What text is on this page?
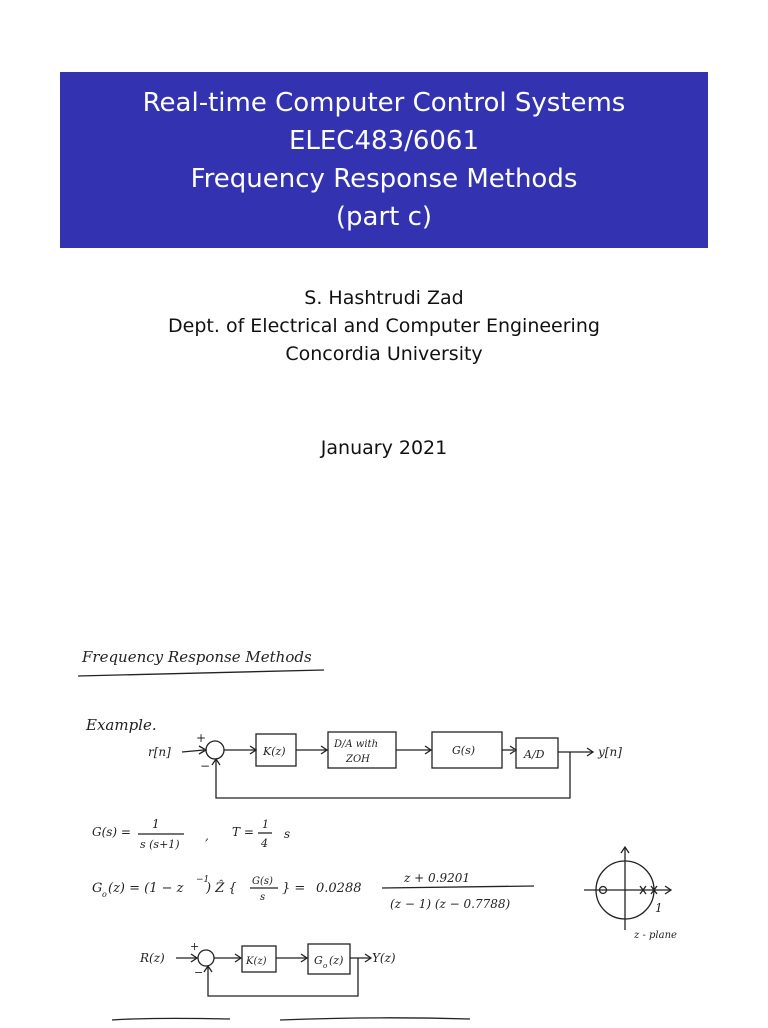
Real-time Computer Control Systems
ELEC483/6061
Frequency Response Methods
(part c)
S. Hashtrudi Zad
Dept. of Electrical and Computer Engineering
Concordia University
January 2021
Frequency Response Methods
Example.
r[n]
+
−
K(z)
D/A with
ZOH
G(s)	A/D	y[n]
G(s) =
1
s (s+1)
, T =
1
4
s
G o (z) = (1 − z
−1
) Ẑ { G(s)
s
} = 0.0288
z + 0.9201
(z − 1) (z − 0.7788)	1
z - plane
R(z)
+
−
K(z)	G o (z) Y(z)
